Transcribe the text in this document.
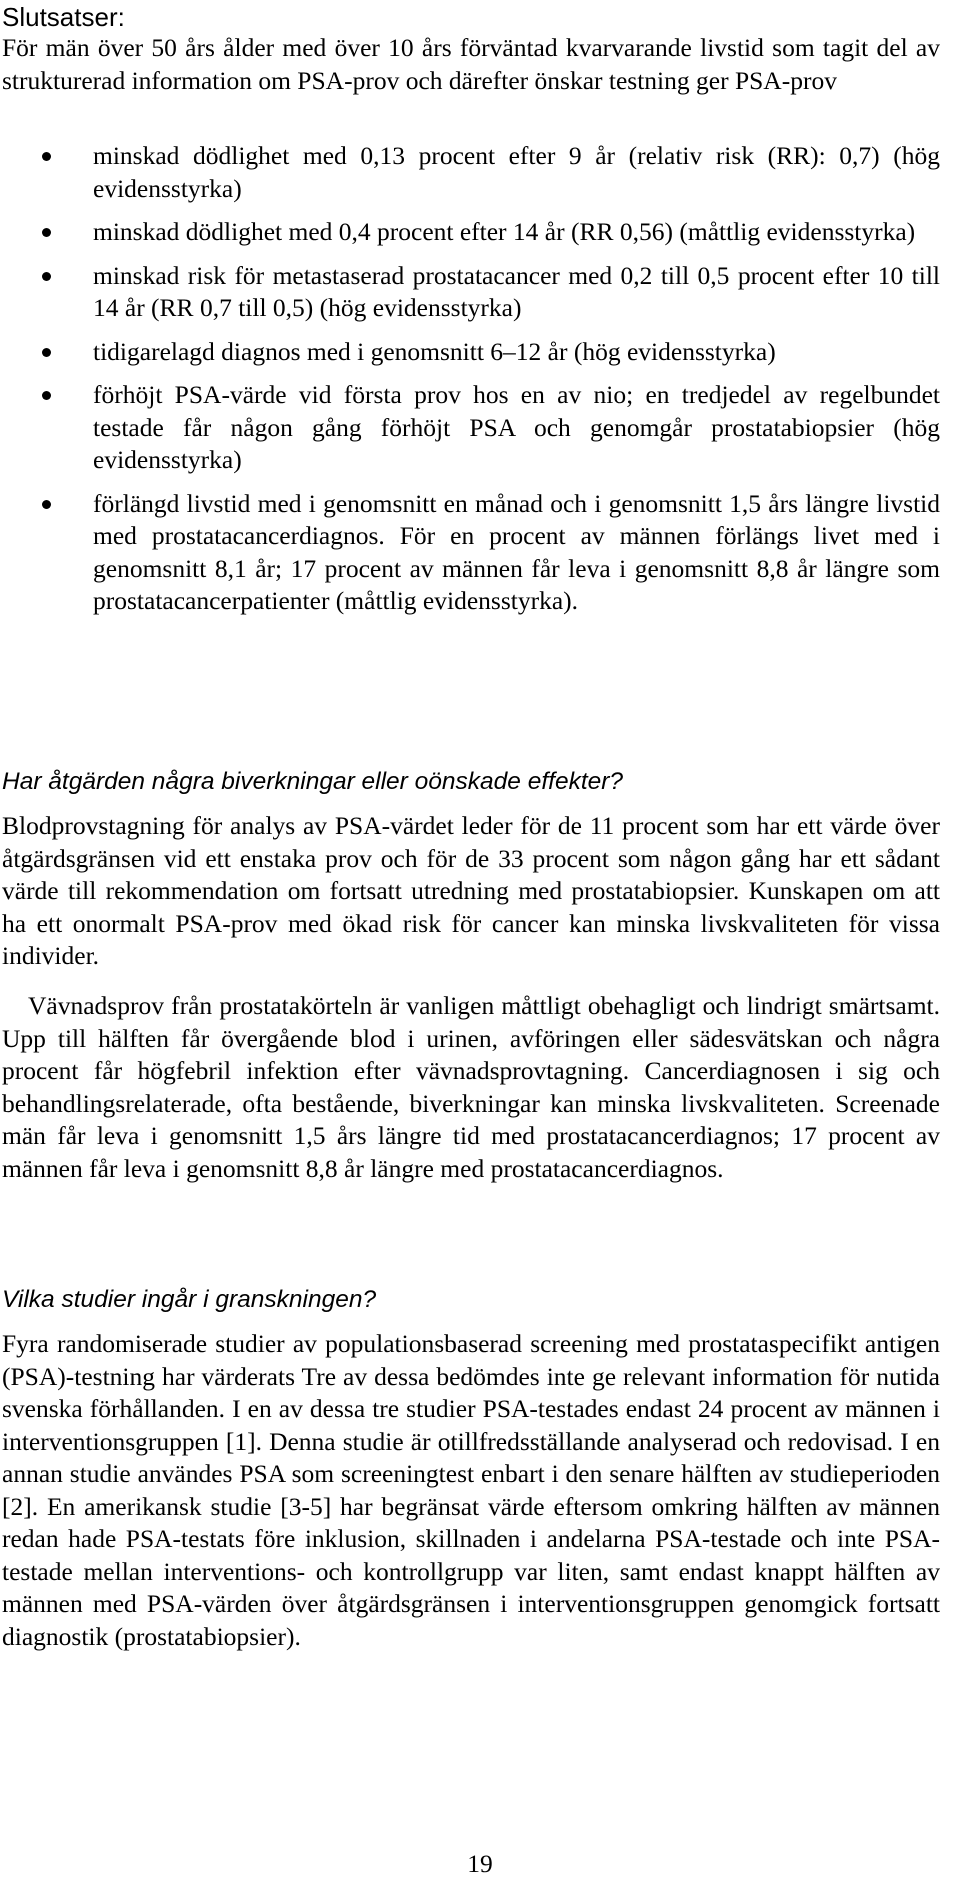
Slutsatser:

För män över 50 års ålder med över 10 års förväntad kvarvarande livstid som tagit del av strukturerad information om PSA-prov och därefter önskar testning ger PSA-prov

minskad dödlighet med 0,13 procent efter 9 år (relativ risk (RR): 0,7) (hög evidensstyrka)
minskad dödlighet med 0,4 procent efter 14 år (RR 0,56) (måttlig evidensstyrka)
minskad risk för metastaserad prostatacancer med 0,2 till 0,5 procent efter 10 till 14 år (RR 0,7 till 0,5) (hög evidensstyrka)
tidigarelagd diagnos med i genomsnitt 6–12 år (hög evidensstyrka)
förhöjt PSA-värde vid första prov hos en av nio; en tredjedel av regelbundet testade får någon gång förhöjt PSA och genomgår prostatabiopsier (hög evidensstyrka)
förlängd livstid med i genomsnitt en månad och i genomsnitt 1,5 års längre livstid med prostatacancerdiagnos. För en procent av männen förlängs livet med i genomsnitt 8,1 år; 17 procent av männen får leva i genomsnitt 8,8 år längre som prostatacancerpatienter (måttlig evidensstyrka).
Har åtgärden några biverkningar eller oönskade effekter?

Blodprovstagning för analys av PSA-värdet leder för de 11 procent som har ett värde över åtgärdsgränsen vid ett enstaka prov och för de 33 procent som någon gång har ett sådant värde till rekommendation om fortsatt utredning med prostatabiopsier. Kunskapen om att ha ett onormalt PSA-prov med ökad risk för cancer kan minska livskvaliteten för vissa individer.

Vävnadsprov från prostatakörteln är vanligen måttligt obehagligt och lindrigt smärtsamt. Upp till hälften får övergående blod i urinen, avföringen eller sädesvätskan och några procent får högfebril infektion efter vävnadsprovtagning. Cancerdiagnosen i sig och behandlingsrelaterade, ofta bestående, biverkningar kan minska livskvaliteten. Screenade män får leva i genomsnitt 1,5 års längre tid med prostatacancerdiagnos; 17 procent av männen får leva i genomsnitt 8,8 år längre med prostatacancerdiagnos.

Vilka studier ingår i granskningen?

Fyra randomiserade studier av populationsbaserad screening med prostataspecifikt antigen (PSA)-testning har värderats Tre av dessa bedömdes inte ge relevant information för nutida svenska förhållanden. I en av dessa tre studier PSA-testades endast 24 procent av männen i interventionsgruppen [1]. Denna studie är otillfredsställande analyserad och redovisad. I en annan studie användes PSA som screeningtest enbart i den senare hälften av studieperioden [2]. En amerikansk studie [3-5] har begränsat värde eftersom omkring hälften av männen redan hade PSA-testats före inklusion, skillnaden i andelarna PSA-testade och inte PSA-testade mellan interventions- och kontrollgrupp var liten, samt endast knappt hälften av männen med PSA-värden över åtgärdsgränsen i interventionsgruppen genomgick fortsatt diagnostik (prostatabiopsier).

19
